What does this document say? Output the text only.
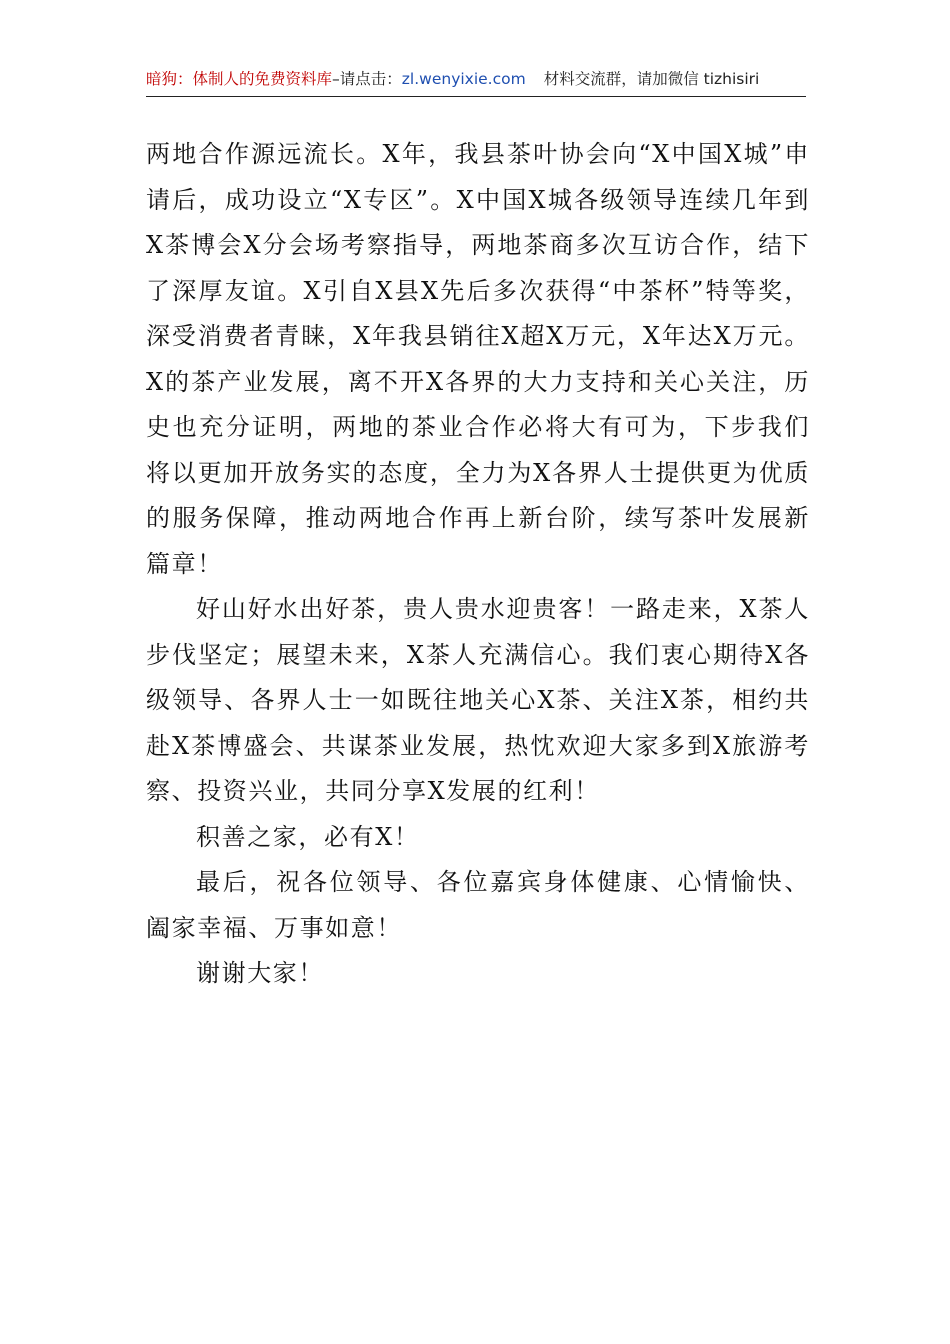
暗狗：体制人的免费资料库–请点击：zl.wenyixie.com 材料交流群，请加微信 tizhisiri

两地合作源远流长。X年，我县茶叶协会向“X中国X城”申请后，成功设立“X专区”。X中国X城各级领导连续几年到X茶博会X分会场考察指导，两地茶商多次互访合作，结下了深厚友谊。X引自X县X先后多次获得“中茶杯”特等奖，深受消费者青睐，X年我县销往X超X万元，X年达X万元。X的茶产业发展，离不开X各界的大力支持和关心关注，历史也充分证明，两地的茶业合作必将大有可为，下步我们将以更加开放务实的态度，全力为X各界人士提供更为优质的服务保障，推动两地合作再上新台阶，续写茶叶发展新篇章！

好山好水出好茶，贵人贵水迎贵客！一路走来，X茶人步伐坚定；展望未来，X茶人充满信心。我们衷心期待X各级领导、各界人士一如既往地关心X茶、关注X茶，相约共赴X茶博盛会、共谋茶业发展，热忱欢迎大家多到X旅游考察、投资兴业，共同分享X发展的红利！

积善之家，必有X！

最后，祝各位领导、各位嘉宾身体健康、心情愉快、阖家幸福、万事如意！

谢谢大家！
